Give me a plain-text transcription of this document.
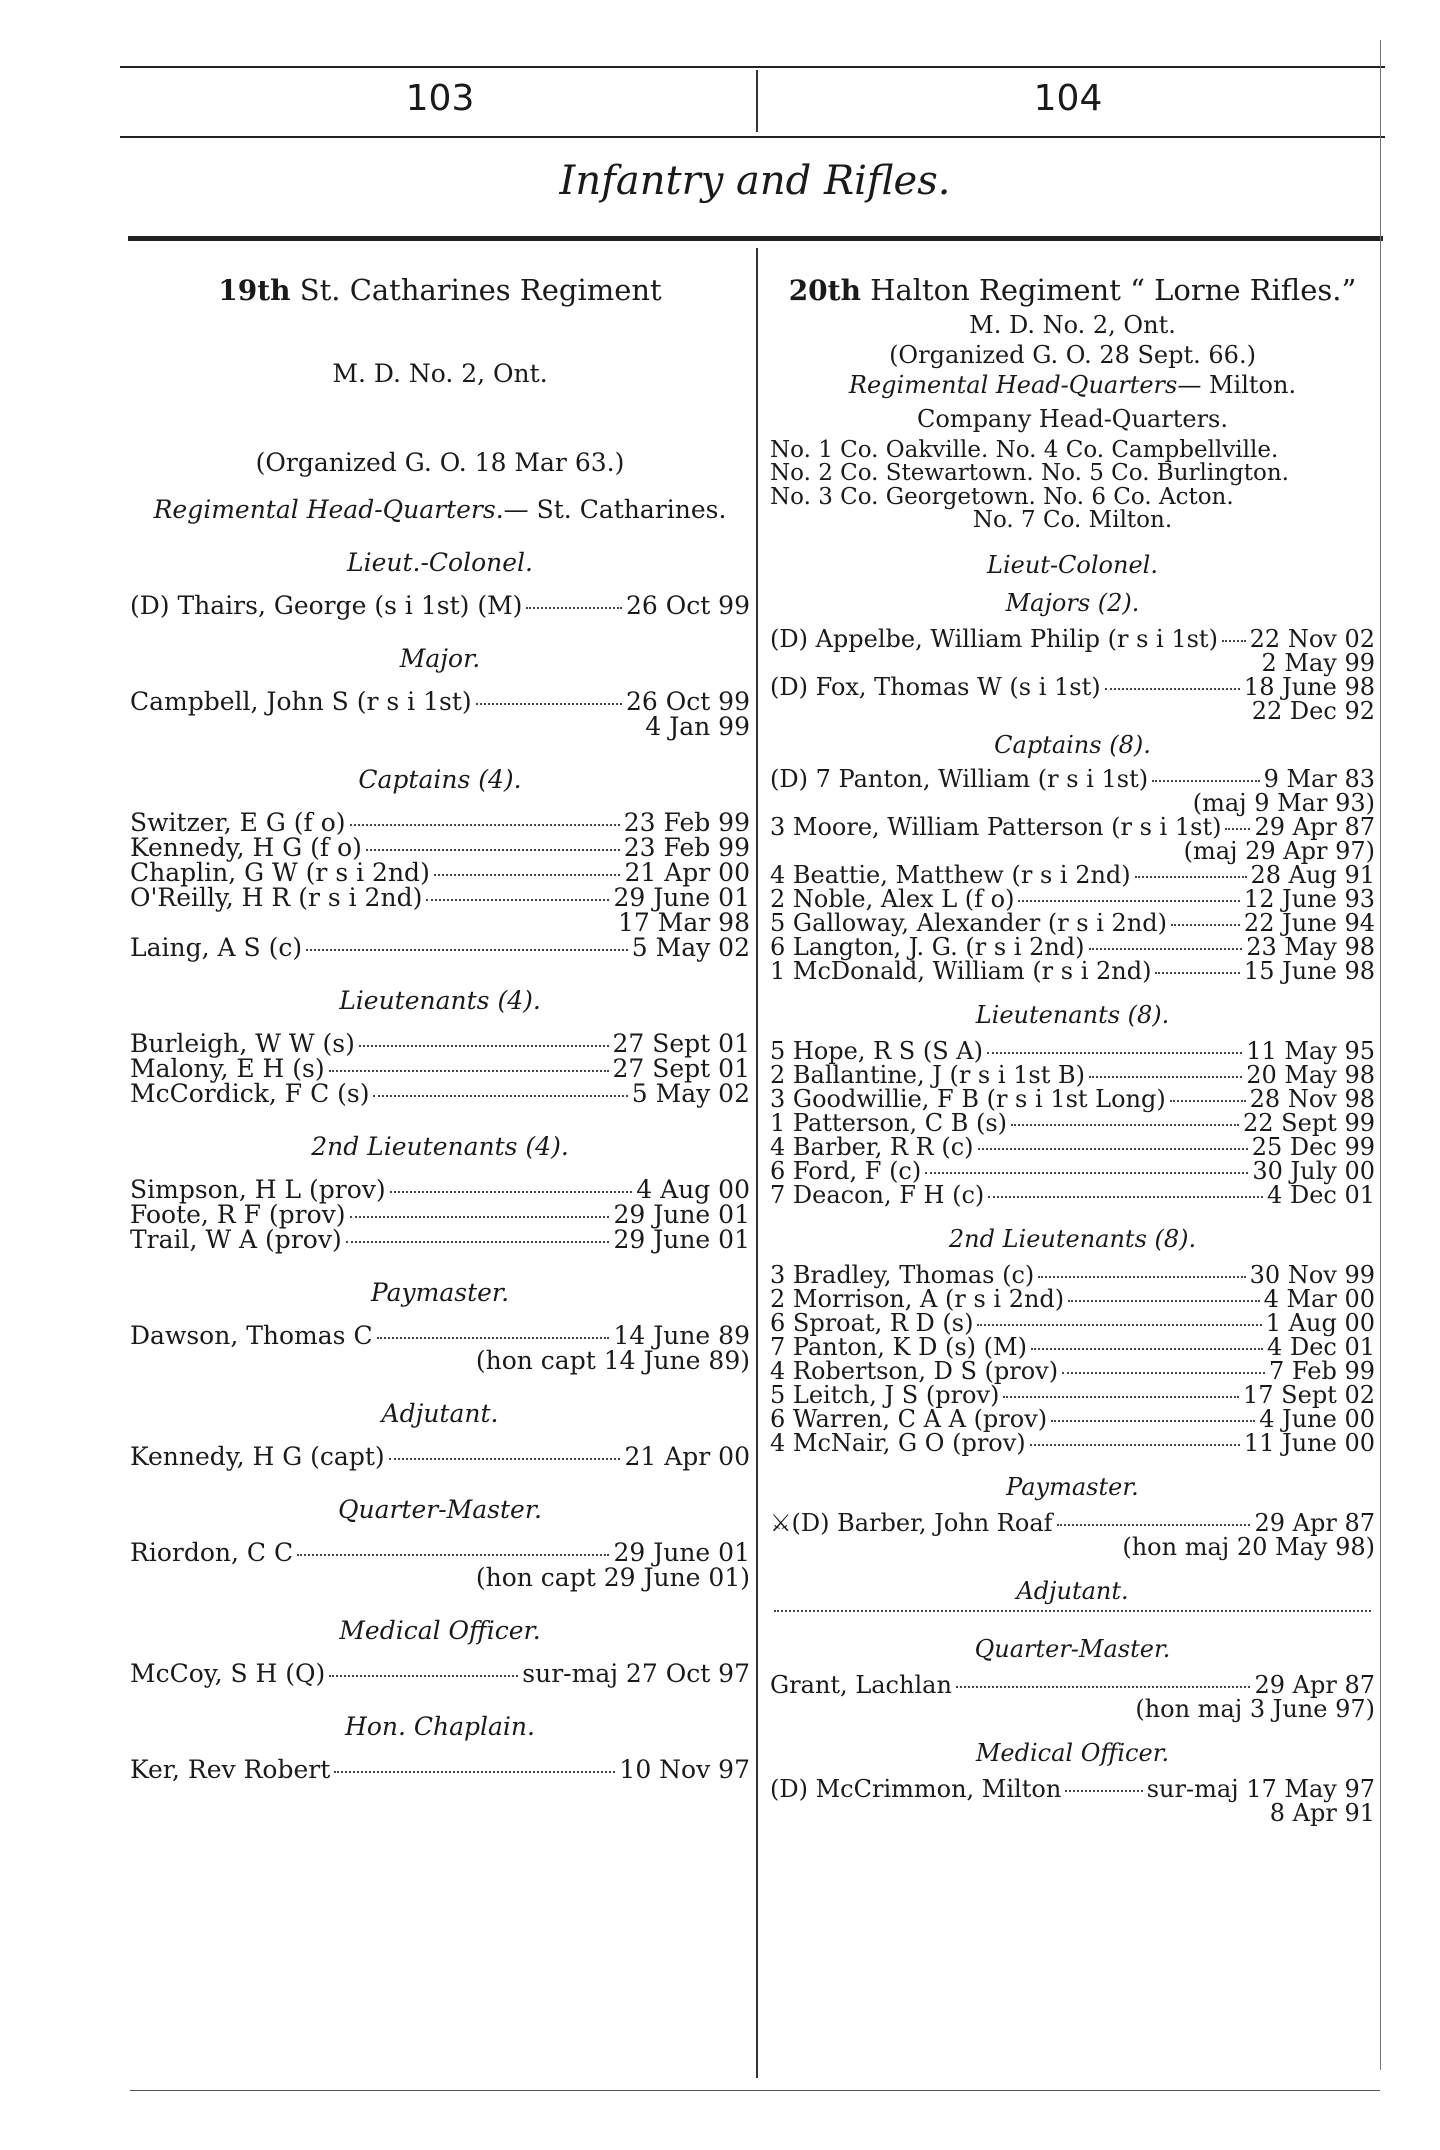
103	104
Infantry and Rifles.
19th St. Catharines Regiment
M. D. No. 2, Ont.
(Organized G. O. 18 Mar 63.)
Regimental Head-Quarters.— St. Catharines.
Lieut.-Colonel.
(D) Thairs, George (s i 1st) (M)	26 Oct 99
Major.
Campbell, John S (r s i 1st)	26 Oct 99
4 Jan 99
Captains (4).
Switzer, E G (f o)	23 Feb 99
Kennedy, H G (f o)	23 Feb 99
Chaplin, G W (r s i 2nd)	21 Apr 00
O'Reilly, H R (r s i 2nd)	29 June 01
17 Mar 98
Laing, A S (c)	5 May 02
Lieutenants (4).
Burleigh, W W (s)	27 Sept 01
Malony, E H (s)	27 Sept 01
McCordick, F C (s)	5 May 02
2nd Lieutenants (4).
Simpson, H L (prov)	4 Aug 00
Foote, R F (prov)	29 June 01
Trail, W A (prov)	29 June 01
Paymaster.
Dawson, Thomas C	14 June 89
(hon capt 14 June 89)
Adjutant.
Kennedy, H G (capt)	21 Apr 00
Quarter-Master.
Riordon, C C	29 June 01
(hon capt 29 June 01)
Medical Officer.
McCoy, S H (Q)	sur-maj 27 Oct 97
Hon. Chaplain.
Ker, Rev Robert	10 Nov 97
20th Halton Regiment “ Lorne Rifles.”
M. D. No. 2, Ont.
(Organized G. O. 28 Sept. 66.)
Regimental Head-Quarters— Milton.
Company Head-Quarters.
No. 1 Co. Oakville. No. 4 Co. Campbellville.
No. 2 Co. Stewartown. No. 5 Co. Burlington.
No. 3 Co. Georgetown. No. 6 Co. Acton.
No. 7 Co. Milton.
Lieut-Colonel.
Majors (2).
(D) Appelbe, William Philip (r s i 1st) 22 Nov 02
2 May 99
(D) Fox, Thomas W (s i 1st)	18 June 98
22 Dec 92
Captains (8).
(D) 7 Panton, William (r s i 1st)	9 Mar 83
(maj 9 Mar 93)
3 Moore, William Patterson (r s i 1st) 29 Apr 87
(maj 29 Apr 97)
4 Beattie, Matthew (r s i 2nd)	28 Aug 91
2 Noble, Alex L (f o)	12 June 93
5 Galloway, Alexander (r s i 2nd)	22 June 94
6 Langton, J. G. (r s i 2nd)	23 May 98
1 McDonald, William (r s i 2nd)	15 June 98
Lieutenants (8).
5 Hope, R S (S A)	11 May 95
2 Ballantine, J (r s i 1st B)	20 May 98
3 Goodwillie, F B (r s i 1st Long)	28 Nov 98
1 Patterson, C B (s)	22 Sept 99
4 Barber, R R (c)	25 Dec 99
6 Ford, F (c)	30 July 00
7 Deacon, F H (c)	4 Dec 01
2nd Lieutenants (8).
3 Bradley, Thomas (c)	30 Nov 99
2 Morrison, A (r s i 2nd)	4 Mar 00
6 Sproat, R D (s)	1 Aug 00
7 Panton, K D (s) (M)	4 Dec 01
4 Robertson, D S (prov)	7 Feb 99
5 Leitch, J S (prov)	17 Sept 02
6 Warren, C A A (prov)	4 June 00
4 McNair, G O (prov)	11 June 00
Paymaster.
⚔(D) Barber, John Roaf	29 Apr 87
(hon maj 20 May 98)
Adjutant.
Quarter-Master.
Grant, Lachlan	29 Apr 87
(hon maj 3 June 97)
Medical Officer.
(D) McCrimmon, Milton	sur-maj 17 May 97
8 Apr 91
